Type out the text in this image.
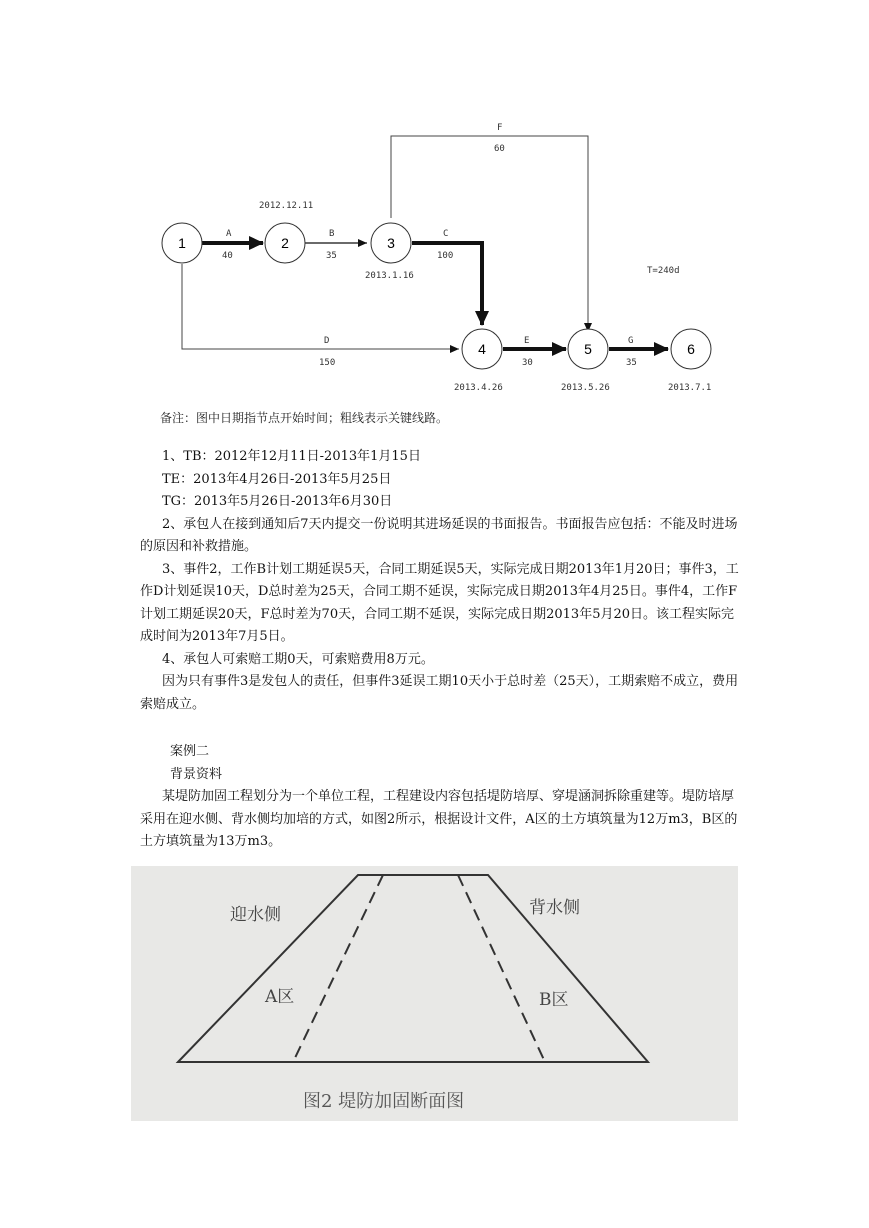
1	2	3
4	5	6
A
40
B
35
C
100
D
150
E
30
F
60
G
35
2012.12.11
2013.1.16
2013.4.26	2013.5.26	2013.7.1
T=240d
备注：图中日期指节点开始时间；粗线表示关键线路。

1、TB：2012年12月11日-2013年1月15日

TE：2013年4月26日-2013年5月25日

TG：2013年5月26日-2013年6月30日

2、承包人在接到通知后7天内提交一份说明其进场延误的书面报告。书面报告应包括：不能及时进场的原因和补救措施。

3、事件2，工作B计划工期延误5天，合同工期延误5天，实际完成日期2013年1月20日；事件3，工作D计划延误10天，D总时差为25天，合同工期不延误，实际完成日期2013年4月25日。事件4，工作F计划工期延误20天，F总时差为70天，合同工期不延误，实际完成日期2013年5月20日。该工程实际完成时间为2013年7月5日。

4、承包人可索赔工期0天，可索赔费用8万元。

因为只有事件3是发包人的责任，但事件3延误工期10天小于总时差（25天），工期索赔不成立，费用索赔成立。

案例二

背景资料

某堤防加固工程划分为一个单位工程，工程建设内容包括堤防培厚、穿堤涵洞拆除重建等。堤防培厚采用在迎水侧、背水侧均加培的方式，如图2所示，根据设计文件，A区的土方填筑量为12万m3，B区的土方填筑量为13万m3。

迎水侧	背水侧
A区	B区
图2 堤防加固断面图
